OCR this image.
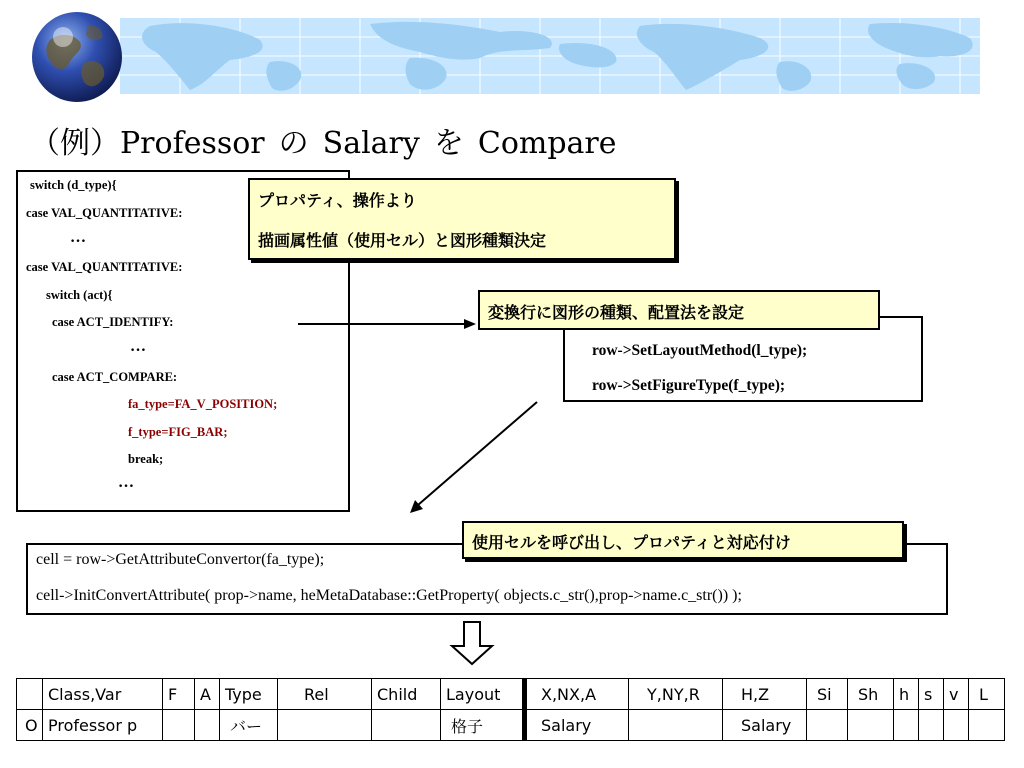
（例）Professor の Salary を Compare
switch (d_type){
case VAL_QUANTITATIVE:
…
case VAL_QUANTITATIVE:
switch (act){
case ACT_IDENTIFY:
…
case ACT_COMPARE:
fa_type=FA_V_POSITION;
f_type=FIG_BAR;
break;
…
プロパティ、操作より
描画属性値（使用セル）と図形種類決定
row->SetLayoutMethod(l_type);
row->SetFigureType(f_type);
変換行に図形の種類、配置法を設定
cell = row->GetAttributeConvertor(fa_type);
cell->InitConvertAttribute( prop->name, heMetaDatabase::GetProperty( objects.c_str(),prop->name.c_str()) );
使用セルを呼び出し、プロパティと対応付け
	Class,Var	F	A	Type	Rel	Child	Layout	X,NX,A	Y,NY,R	H,Z	Si	Sh	h	s	v	L
O	Professor p			バー			格子	Salary		Salary						
